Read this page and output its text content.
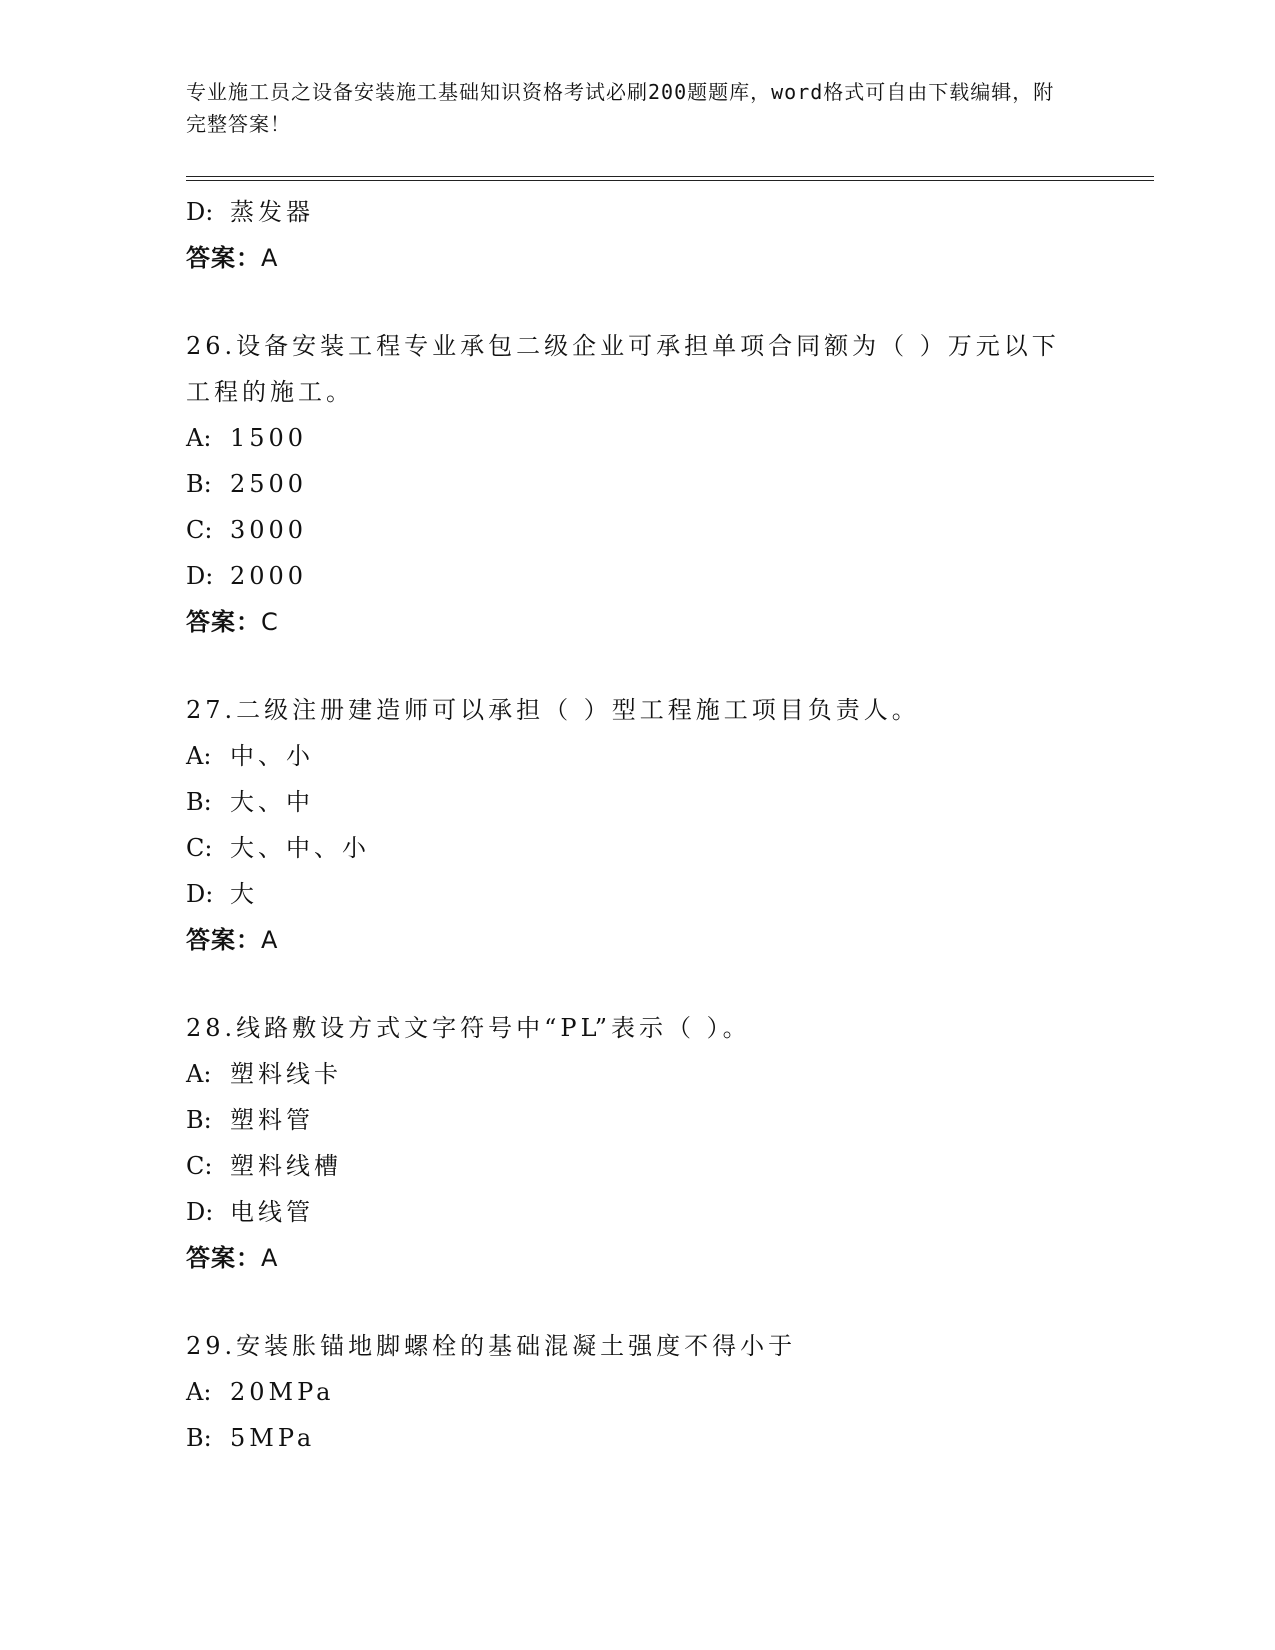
专业施工员之设备安装施工基础知识资格考试必刷200题题库，word格式可自由下载编辑，附完整答案！
D: 蒸发器
答案：A
26.设备安装工程专业承包二级企业可承担单项合同额为（ ）万元以下工程的施工。
A: 1500
B: 2500
C: 3000
D: 2000
答案：C
27.二级注册建造师可以承担（ ）型工程施工项目负责人。
A: 中、小
B: 大、中
C: 大、中、小
D: 大
答案：A
28.线路敷设方式文字符号中“PL”表示（ ）。
A: 塑料线卡
B: 塑料管
C: 塑料线槽
D: 电线管
答案：A
29.安装胀锚地脚螺栓的基础混凝土强度不得小于
A: 20MPa
B: 5MPa
